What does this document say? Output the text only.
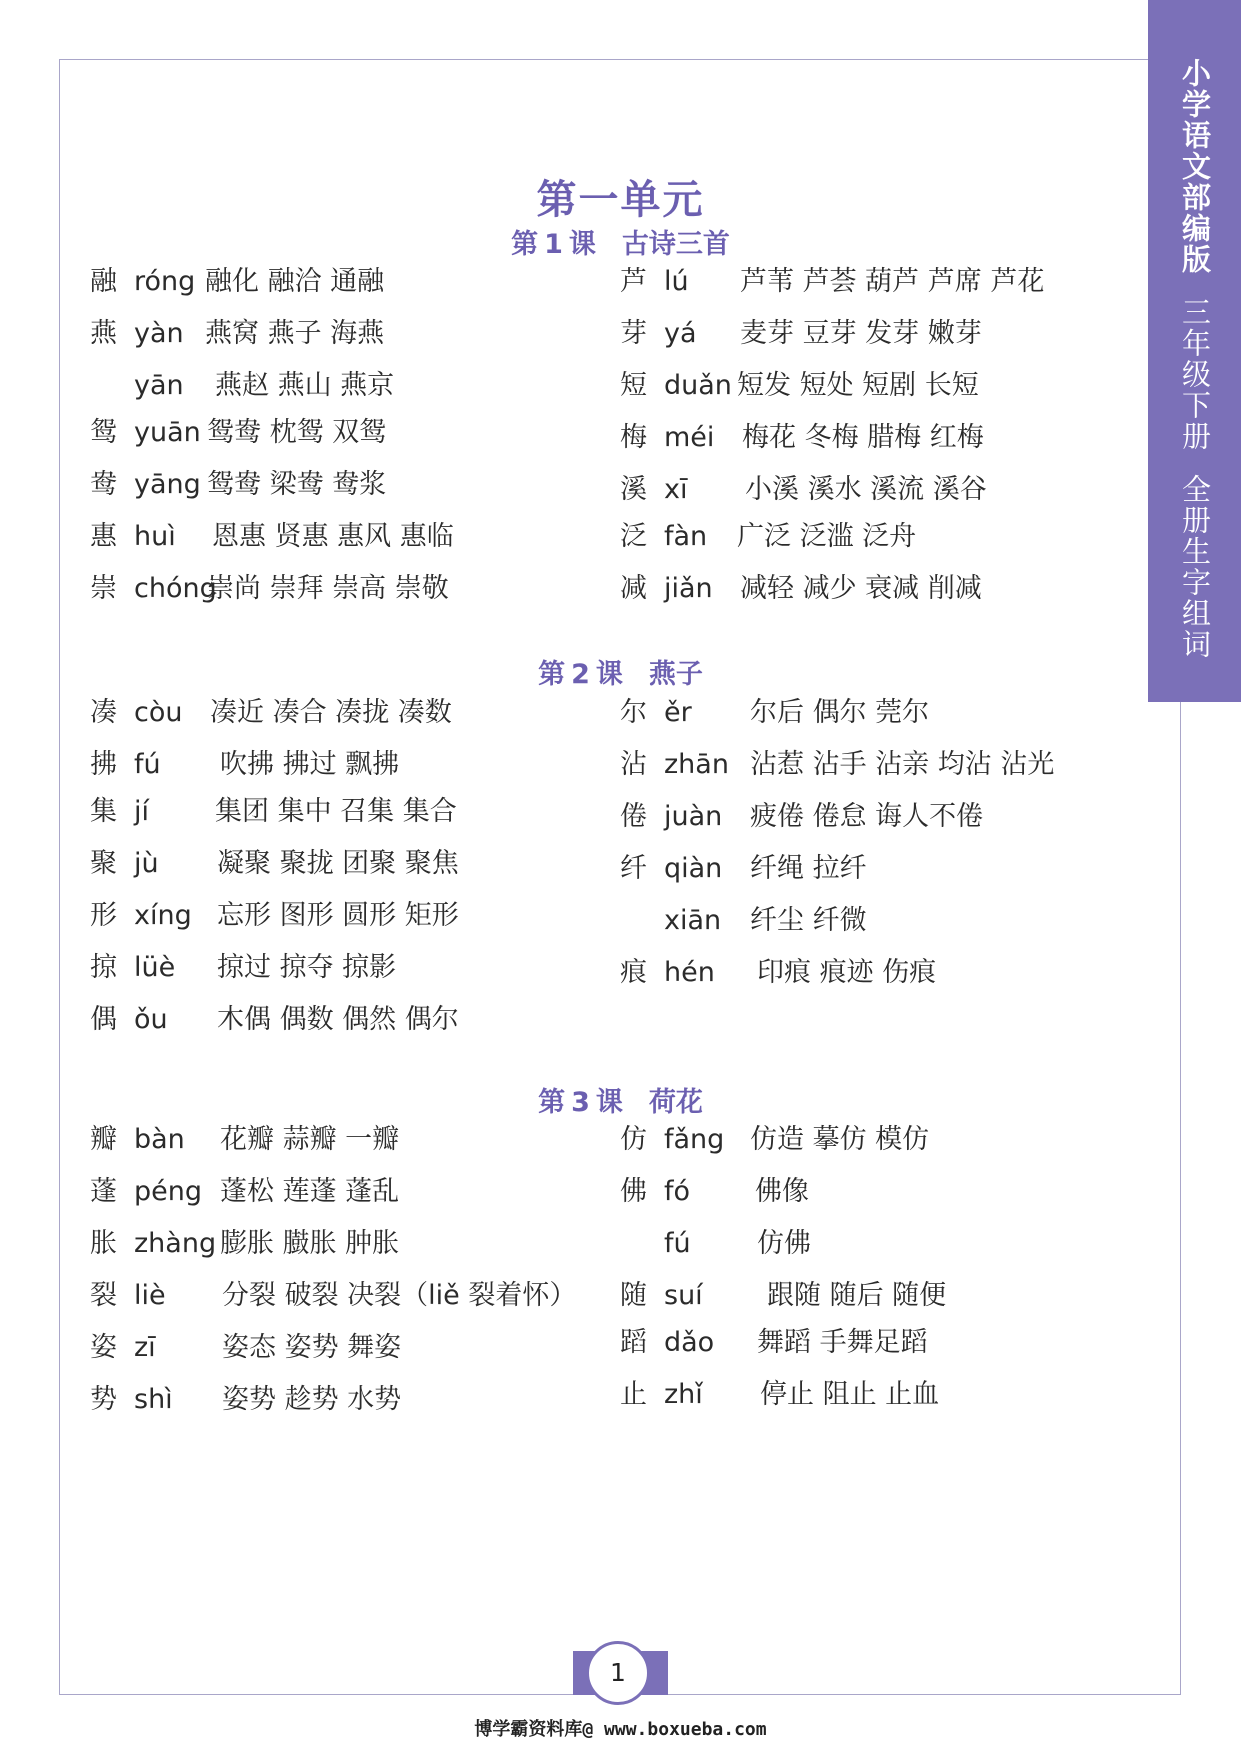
小学语文部编版
三年级下册
全册生字组词
第一单元
第 1 课 古诗三首
融 róng 融化 融洽 通融
燕 yàn 燕窝 燕子 海燕
yān 燕赵 燕山 燕京
鸳 yuān 鸳鸯 枕鸳 双鸳
鸯 yāng 鸳鸯 梁鸯 鸯浆
惠 huì 恩惠 贤惠 惠风 惠临
崇 chóng
崇尚 崇拜 崇高 崇敬
芦 lú 芦苇 芦荟 葫芦 芦席 芦花
芽 yá 麦芽 豆芽 发芽 嫩芽
短 duǎn 短发 短处 短剧 长短
梅 méi 梅花 冬梅 腊梅 红梅
溪 xī 小溪 溪水 溪流 溪谷
泛 fàn 广泛 泛滥 泛舟
减 jiǎn 减轻 减少 衰减 削减
第 2 课 燕子
凑 còu 凑近 凑合 凑拢 凑数
拂 fú 吹拂 拂过 飘拂
集 jí 集团 集中 召集 集合
聚 jù 凝聚 聚拢 团聚 聚焦
形 xíng 忘形 图形 圆形 矩形
掠 lüè 掠过 掠夺 掠影
偶 ǒu 木偶 偶数 偶然 偶尔
尔 ěr 尔后 偶尔 莞尔
沾 zhān 沾惹 沾手 沾亲 均沾 沾光
倦 juàn 疲倦 倦怠 诲人不倦
纤 qiàn 纤绳 拉纤
xiān 纤尘 纤微
痕 hén 印痕 痕迹 伤痕
第 3 课 荷花
瓣 bàn 花瓣 蒜瓣 一瓣
蓬 péng 蓬松 莲蓬 蓬乱
胀 zhàng 膨胀 臌胀 肿胀
裂 liè 分裂 破裂 决裂（liě 裂着怀）
姿 zī 姿态 姿势 舞姿
势 shì 姿势 趁势 水势
仿 fǎng 仿造 摹仿 模仿
佛 fó 佛像
fú 仿佛
随 suí 跟随 随后 随便
蹈 dǎo 舞蹈 手舞足蹈
止 zhǐ 停止 阻止 止血
1
博学霸资料库@ www.boxueba.com
